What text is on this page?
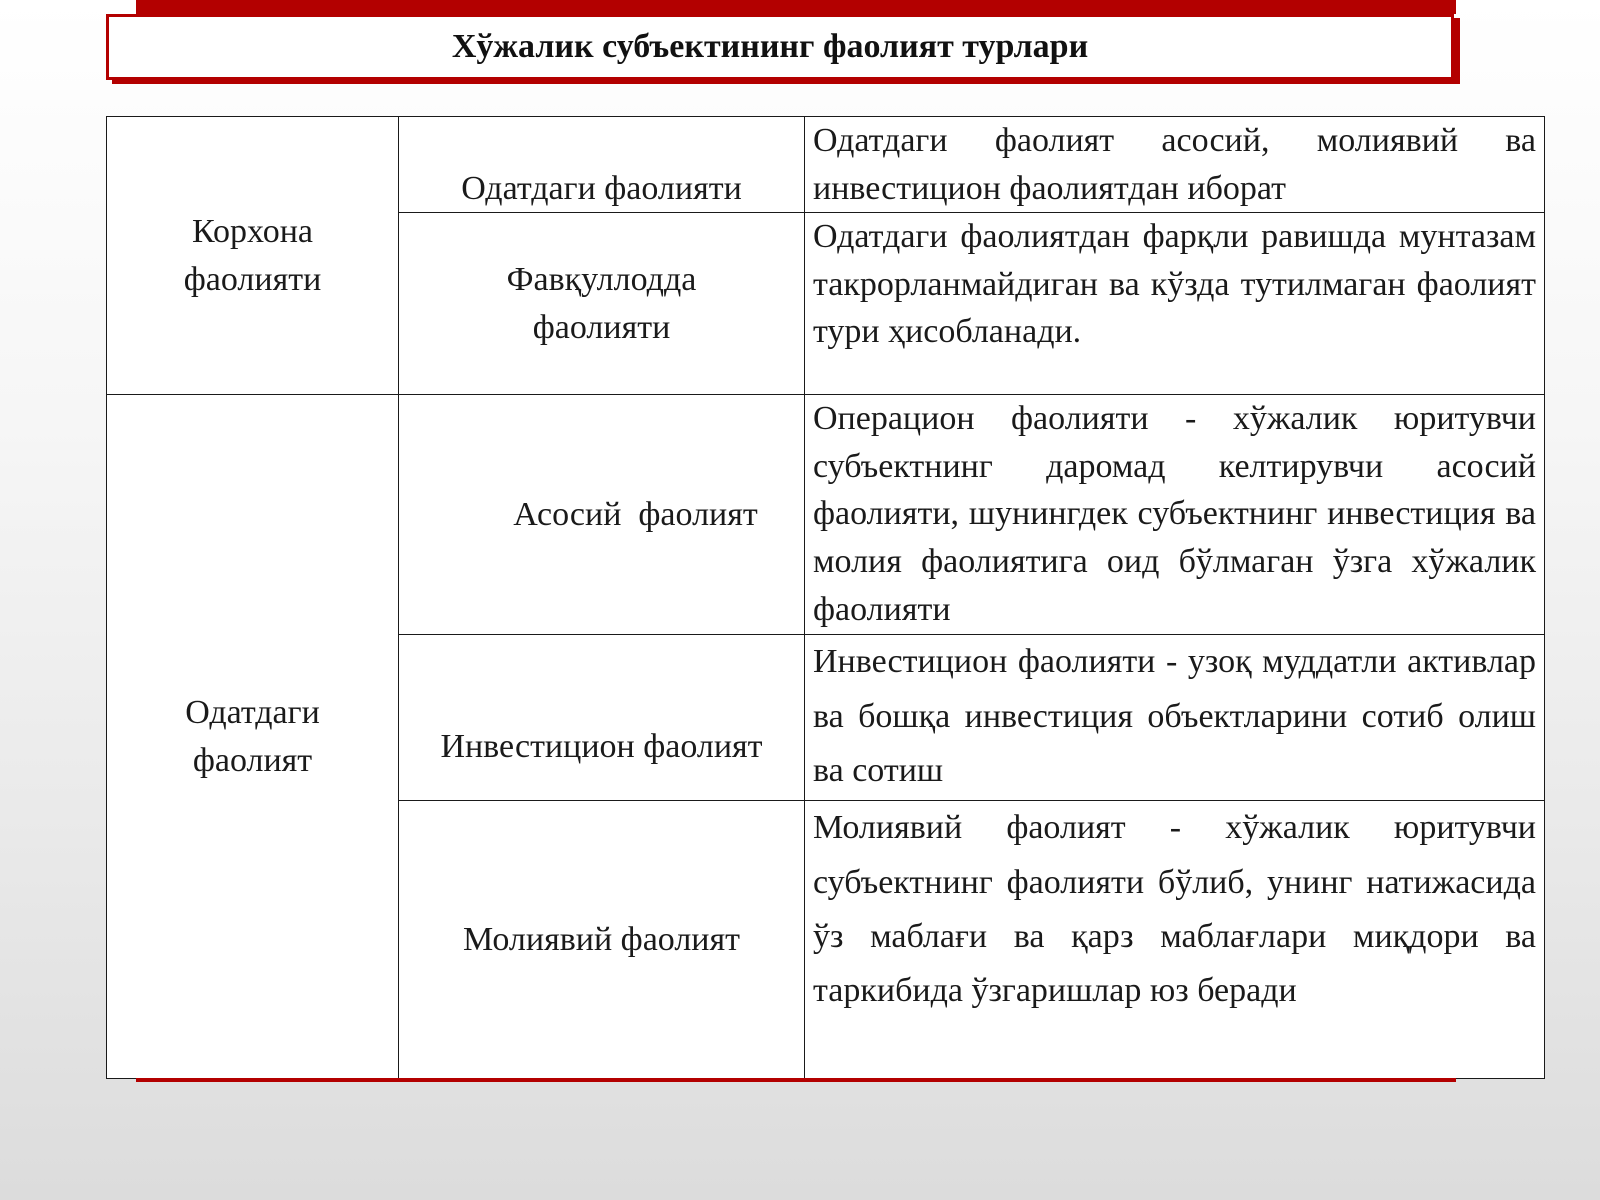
Хўжалик субъектининг фаолият турлари
Корхона фаолияти	Одатдаги фаолияти	Одатдаги фаолият асосий, молиявий ва инвестицион фаолиятдан иборат
	Фавқуллодда фаолияти	Одатдаги фаолиятдан фарқли равишда мунтазам такрорланмайдиган ва кўзда тутилмаган фаолият тури ҳисобланади.
Одатдаги фаолият	Асосий  фаолият	Операцион фаолияти - хўжалик юритувчи субъектнинг даромад келтирувчи асосий фаолияти, шунингдек субъектнинг инвестиция ва молия фаолиятига оид бўлмаган ўзга хўжалик фаолияти
	Инвестицион фаолият	Инвестицион фаолияти - узоқ муддатли активлар ва бошқа инвестиция объектларини сотиб олиш ва сотиш
	Молиявий фаолият	Молиявий фаолият - хўжалик юритувчи субъектнинг фаолияти бўлиб, унинг натижасида ўз маблағи ва қарз маблағлари миқдори ва таркибида ўзгаришлар юз беради
